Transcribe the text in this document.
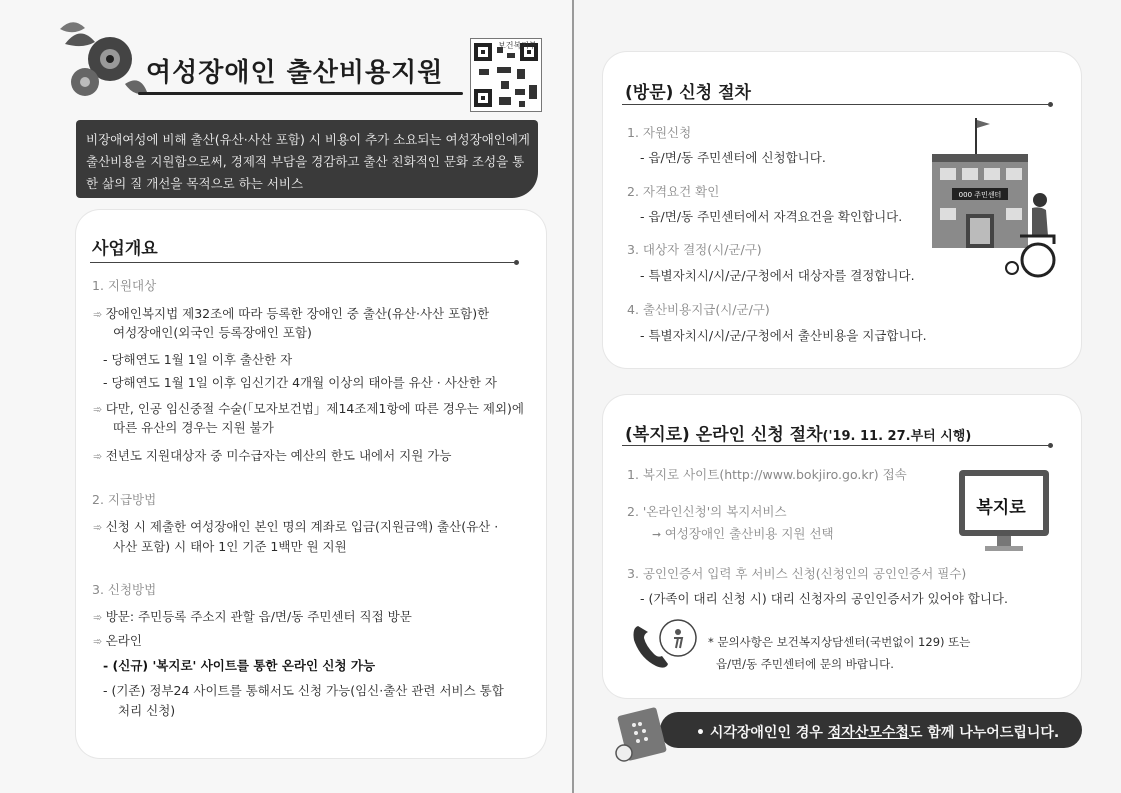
여성장애인 출산비용지원
보건복지부

비장애여성에 비해 출산(유산·사산 포함) 시 비용이 추가 소요되는 여성장애인에게 출산비용을 지원함으로써, 경제적 부담을 경감하고 출산 친화적인 문화 조성을 통한 삶의 질 개선을 목적으로 하는 서비스

사업개요
1. 지원대상
➾ 장애인복지법 제32조에 따라 등록한 장애인 중 출산(유산·사산 포함)한
여성장애인(외국인 등록장애인 포함)
- 당해연도 1월 1일 이후 출산한 자
- 당해연도 1월 1일 이후 임신기간 4개월 이상의 태아를 유산 · 사산한 자
➾ 다만, 인공 임신중절 수술(「모자보건법」제14조제1항에 따른 경우는 제외)에
따른 유산의 경우는 지원 불가
➾ 전년도 지원대상자 중 미수급자는 예산의 한도 내에서 지원 가능
2. 지급방법
➾ 신청 시 제출한 여성장애인 본인 명의 계좌로 입금(지원금액) 출산(유산 ·
사산 포함) 시 태아 1인 기준 1백만 원 지원
3. 신청방법
➾ 방문: 주민등록 주소지 관할 읍/면/동 주민센터 직접 방문
➾ 온라인
- (신규) '복지로' 사이트를 통한 온라인 신청 가능
- (기존) 정부24 사이트를 통해서도 신청 가능(임신·출산 관련 서비스 통합
처리 신청)
(방문) 신청 절차
1. 자원신청
- 읍/면/동 주민센터에 신청합니다.
2. 자격요건 확인
- 읍/면/동 주민센터에서 자격요건을 확인합니다.
3. 대상자 결정(시/군/구)
- 특별자치시/시/군/구청에서 대상자를 결정합니다.
4. 출산비용지급(시/군/구)
- 특별자치시/시/군/구청에서 출산비용을 지급합니다.
000 주민센터
(복지로) 온라인 신청 절차('19. 11. 27.부터 시행)
1. 복지로 사이트(http://www.bokjiro.go.kr) 접속
2. '온라인신청'의 복지서비스
➞ 여성장애인 출산비용 지원 선택
3. 공인인증서 입력 후 서비스 신청(신청인의 공인인증서 필수)
- (가족이 대리 신청 시) 대리 신청자의 공인인증서가 있어야 합니다.
복지로
* 문의사항은 보건복지상담센터(국번없이 129) 또는
읍/면/동 주민센터에 문의 바랍니다.
• 시각장애인인 경우 점자산모수첩도 함께 나누어드립니다.
